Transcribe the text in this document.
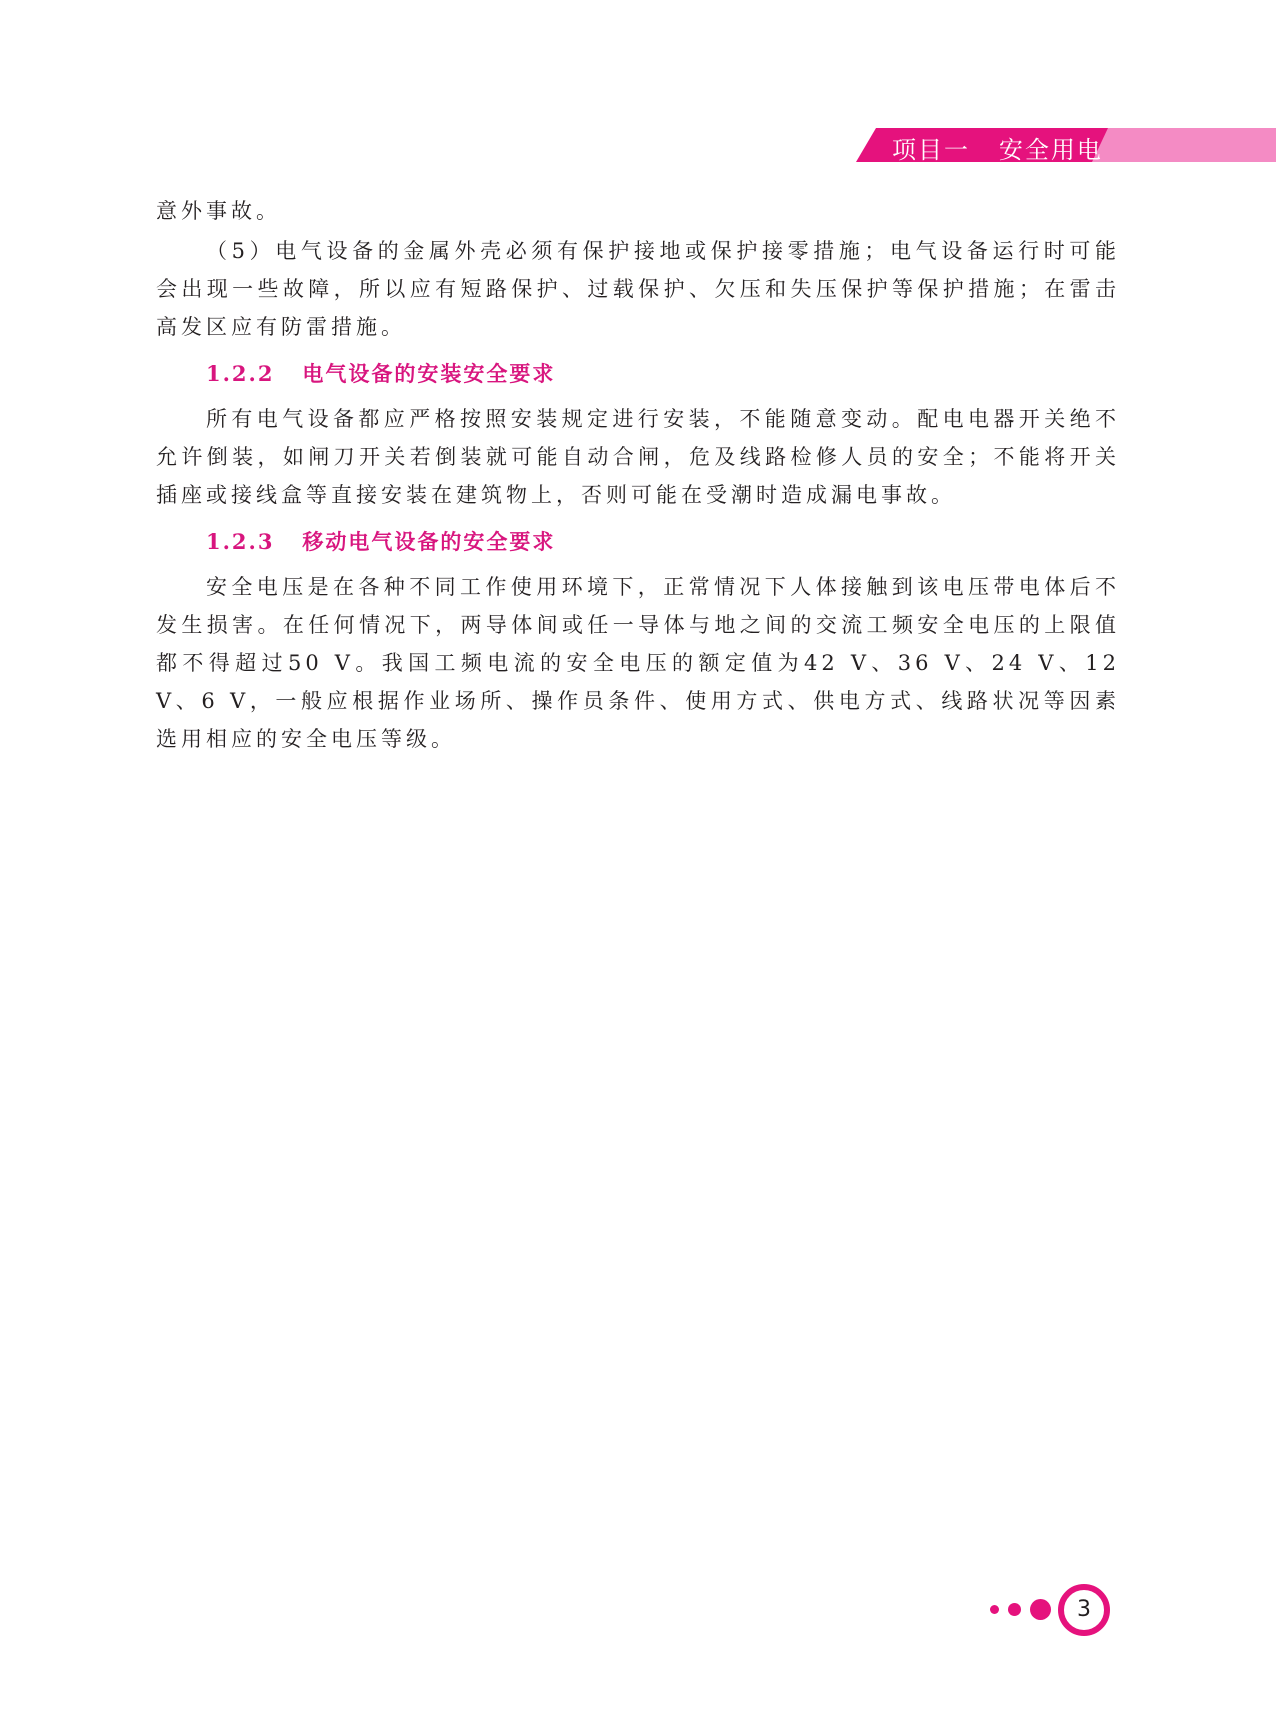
项目一   安全用电

意外事故。

（5）电气设备的金属外壳必须有保护接地或保护接零措施；电气设备运行时可能会出现一些故障，所以应有短路保护、过载保护、欠压和失压保护等保护措施；在雷击高发区应有防雷措施。

1.2.2   电气设备的安装安全要求

所有电气设备都应严格按照安装规定进行安装，不能随意变动。配电电器开关绝不允许倒装，如闸刀开关若倒装就可能自动合闸，危及线路检修人员的安全；不能将开关插座或接线盒等直接安装在建筑物上，否则可能在受潮时造成漏电事故。

1.2.3   移动电气设备的安全要求

安全电压是在各种不同工作使用环境下，正常情况下人体接触到该电压带电体后不发生损害。在任何情况下，两导体间或任一导体与地之间的交流工频安全电压的上限值都不得超过50 V。我国工频电流的安全电压的额定值为42 V、36 V、24 V、12 V、6 V，一般应根据作业场所、操作员条件、使用方式、供电方式、线路状况等因素选用相应的安全电压等级。

3
